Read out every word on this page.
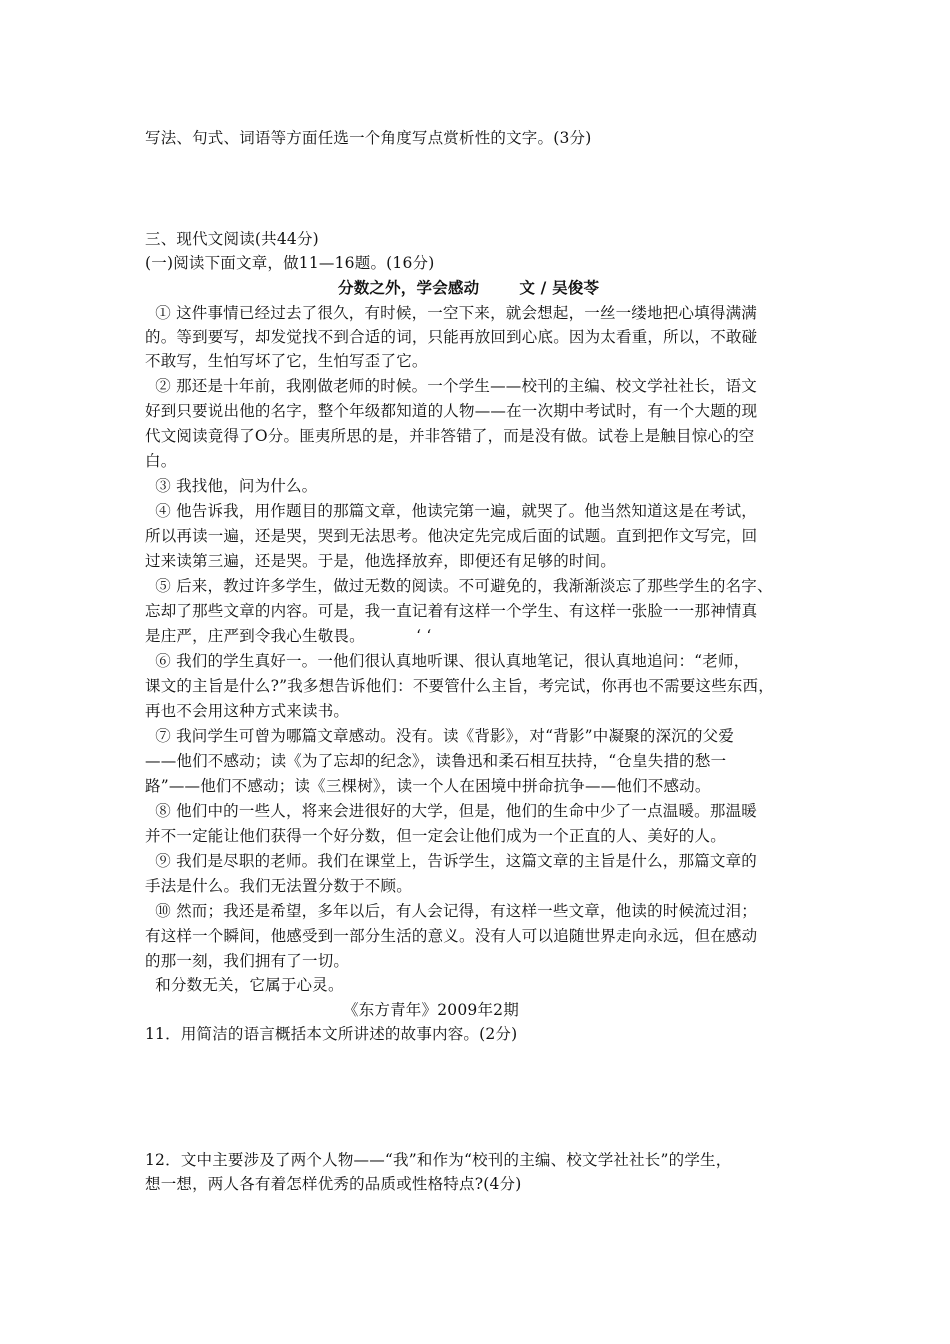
写法、句式、词语等方面任选一个角度写点赏析性的文字。(3分)
三、现代文阅读(共44分)
(一)阅读下面文章，做11—16题。(16分)
分数之外，学会感动	文 / 吴俊苓
① 这件事情已经过去了很久，有时候，一空下来，就会想起，一丝一缕地把心填得满满
的。等到要写，却发觉找不到合适的词，只能再放回到心底。因为太看重，所以，不敢碰
不敢写，生怕写坏了它，生怕写歪了它。
② 那还是十年前，我刚做老师的时候。一个学生——校刊的主编、校文学社社长，语文
好到只要说出他的名字，整个年级都知道的人物——在一次期中考试时，有一个大题的现
代文阅读竟得了O分。匪夷所思的是，并非答错了，而是没有做。试卷上是触目惊心的空
白。
③ 我找他，问为什么。
④ 他告诉我，用作题目的那篇文章，他读完第一遍，就哭了。他当然知道这是在考试，
所以再读一遍，还是哭，哭到无法思考。他决定先完成后面的试题。直到把作文写完，回
过来读第三遍，还是哭。于是，他选择放弃，即便还有足够的时间。
⑤ 后来，教过许多学生，做过无数的阅读。不可避免的，我渐渐淡忘了那些学生的名字、
忘却了那些文章的内容。可是，我一直记着有这样一个学生、有这样一张脸一一那神情真
是庄严，庄严到令我心生敬畏。          ‘ ‘
⑥ 我们的学生真好一。一他们很认真地听课、很认真地笔记，很认真地追问：“老师，
课文的主旨是什么?”我多想告诉他们：不要管什么主旨，考完试，你再也不需要这些东西，
再也不会用这种方式来读书。
⑦ 我问学生可曾为哪篇文章感动。没有。读《背影》，对“背影”中凝聚的深沉的父爱
——他们不感动；读《为了忘却的纪念》，读鲁迅和柔石相互扶持，“仓皇失措的愁一
路”——他们不感动；读《三棵树》，读一个人在困境中拼命抗争——他们不感动。
⑧ 他们中的一些人，将来会进很好的大学，但是，他们的生命中少了一点温暖。那温暖
并不一定能让他们获得一个好分数，但一定会让他们成为一个正直的人、美好的人。
⑨ 我们是尽职的老师。我们在课堂上，告诉学生，这篇文章的主旨是什么，那篇文章的
手法是什么。我们无法置分数于不顾。
⑩ 然而；我还是希望，多年以后，有人会记得，有这样一些文章，他读的时候流过泪；
有这样一个瞬间，他感受到一部分生活的意义。没有人可以追随世界走向永远，但在感动
的那一刻，我们拥有了一切。
和分数无关，它属于心灵。
《东方青年》2009年2期
11．用简洁的语言概括本文所讲述的故事内容。(2分)
12．文中主要涉及了两个人物——“我”和作为“校刊的主编、校文学社社长”的学生，
想一想，两人各有着怎样优秀的品质或性格特点?(4分)
